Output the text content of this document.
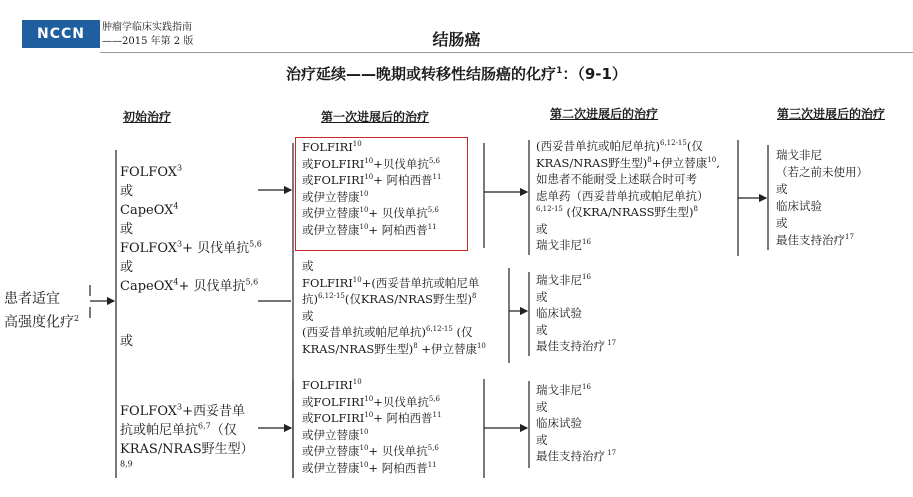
NCCN	肿瘤学临床实践指南
——2015 年第 2 版	结肠癌
治疗延续——晚期或转移性结肠癌的化疗$^1$：（9-1）
初始治疗	第一次进展后的治疗	第二次进展后的治疗	第三次进展后的治疗
患者适宜
高强度化疗$^2$
FOLFOX$^3$
或
CapeOX$^4$
或
$FOLFOX^3+$ 贝伐单抗$^{5,6}$
或
CapeOX$^4$+ 贝伐单抗$^{5,6}$
或
$FOLFOX^3+$西妥昔单
抗或帕尼单抗$^{6,7}$（仅
KRAS/NRAS野生型）
$^{8,9}$
FOLFIRI$^{10}$
或$FOLFIRI^{10}+$贝伐单抗$^{5,6}$
或$FOLFIRI^{10}+$ 阿柏西普$^{11}$
或伊立替康$^{10}$
或伊立替康$^{10}$+ 贝伐单抗$^{5,6}$
或伊立替康$^{10}$+ 阿柏西普$^{11}$
或
$FOLFIRI^{10}+$(西妥昔单抗或帕尼单
抗)$^{6,12-15}$(仅KRAS/NRAS野生型)$^8$
或
(西妥昔单抗或帕尼单抗)$^{6,12-15}$ (仅
KRAS/NRAS野生型)$^8$ +伊立替康$^{10}$
FOLFIRI$^{10}$
或$FOLFIRI^{10}+$贝伐单抗$^{5,6}$
或$FOLFIRI^{10}+$ 阿柏西普$^{11}$
或伊立替康$^{10}$
或伊立替康$^{10}$+ 贝伐单抗$^{5,6}$
或伊立替康$^{10}$+ 阿柏西普$^{11}$
(西妥昔单抗或帕尼单抗)$^{6,12-15}$(仅
KRAS/NRAS野生型)$^8$+伊立替康$^{10}$,
如患者不能耐受上述联合时可考
虑单药（西妥昔单抗或帕尼单抗）
$^{6,12-15}$ (仅KRA/NRASS野生型)$^8$
或
瑞戈非尼$^{16}$
瑞戈非尼$^{16}$
或
临床试验
或
最佳支持治疗 $^{17}$
瑞戈非尼$^{16}$
或
临床试验
或
最佳支持治疗 $^{17}$
瑞戈非尼
（若之前未使用）
或
临床试验
或
最佳支持治疗$^{17}$
